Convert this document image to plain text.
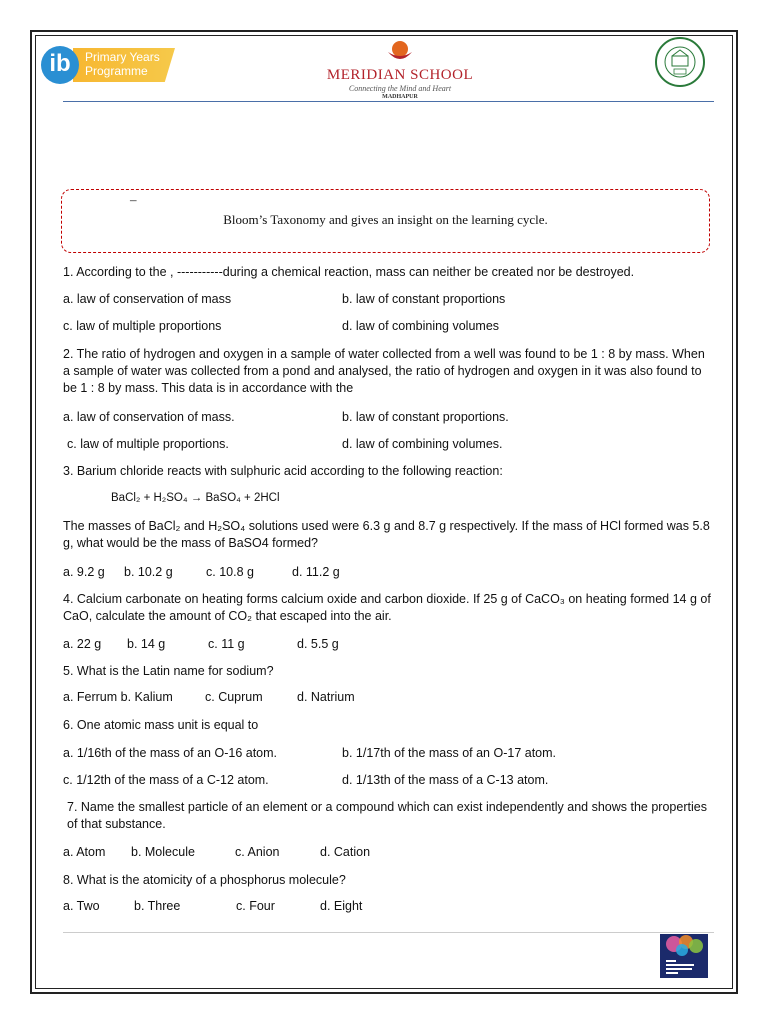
ib	Primary Years
Programme	MERIDIAN SCHOOL
Connecting the Mind and Heart
MADHAPUR
–
Bloom’s Taxonomy and gives an insight on the learning cycle.
1. According to the , -----------during a chemical reaction, mass can neither be created nor be destroyed.
a. law of conservation of mass	b. law of constant proportions
c. law of multiple proportions	d. law of combining volumes
2. The ratio of hydrogen and oxygen in a sample of water collected from a well was found to be 1 : 8 by mass. When a sample of water was collected from a pond and analysed, the ratio of hydrogen and oxygen in it was also found to be 1 : 8 by mass. This data is in accordance with the
a. law of conservation of mass.	b. law of constant proportions.
c. law of multiple proportions.	d. law of combining volumes.
3. Barium chloride reacts with sulphuric acid according to the following reaction:
BaCl₂ + H₂SO₄ → BaSO₄ + 2HCl
The masses of BaCl₂ and H₂SO₄ solutions used were 6.3 g and 8.7 g respectively. If the mass of HCl formed was 5.8 g, what would be the mass of BaSO4 formed?
a. 9.2 g b. 10.2 g	c. 10.8 g	d. 11.2 g
4. Calcium carbonate on heating forms calcium oxide and carbon dioxide. If 25 g of CaCO₃ on heating formed 14 g of CaO, calculate the amount of CO₂ that escaped into the air.
a. 22 g b. 14 g	c. 11 g	d. 5.5 g
5. What is the Latin name for sodium?
a. Ferrum b. Kalium	c. Cuprum	d. Natrium
6. One atomic mass unit is equal to
a. 1/16th of the mass of an O-16 atom.	b. 1/17th of the mass of an O-17 atom.
c. 1/12th of the mass of a C-12 atom.	d. 1/13th of the mass of a C-13 atom.
7. Name the smallest particle of an element or a compound which can exist independently and shows the properties of that substance.
a. Atom b. Molecule	c. Anion	d. Cation
8. What is the atomicity of a phosphorus molecule?
a. Two	b. Three	c. Four	d. Eight
